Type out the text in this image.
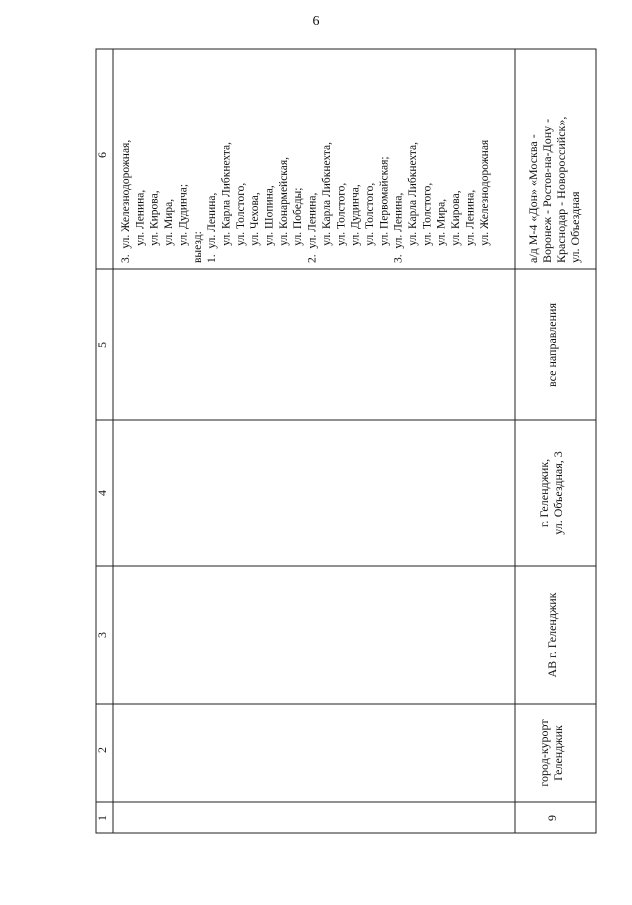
6
6
5
4
3
2
1
3.  ул. Железнодорожная, ул. Ленина, ул. Кирова, ул. Мира, ул. Дудинча; выезд: 1.  ул. Ленина, ул. Карла Либкнехта, ул. Толстого, ул. Чехова, ул. Шопина, ул. Конармейская, ул. Победы; 2.  ул. Ленина, ул. Карла Либкнехта, ул. Толстого, ул. Дудинча, ул. Толстого, ул. Первомайская; 3.  ул. Ленина, ул. Карла Либкнехта, ул. Толстого, ул. Мира, ул. Кирова, ул. Ленина, ул. Железнодорожная
9
город-курорт Геленджик
АВ г. Геленджик
г. Геленджик, ул. Объездная, 3
все направления
а/д М-4 «Дон» «Москва - Воронеж - Ростов-на-Дону - Краснодар - Новороссийск», ул. Объездная
